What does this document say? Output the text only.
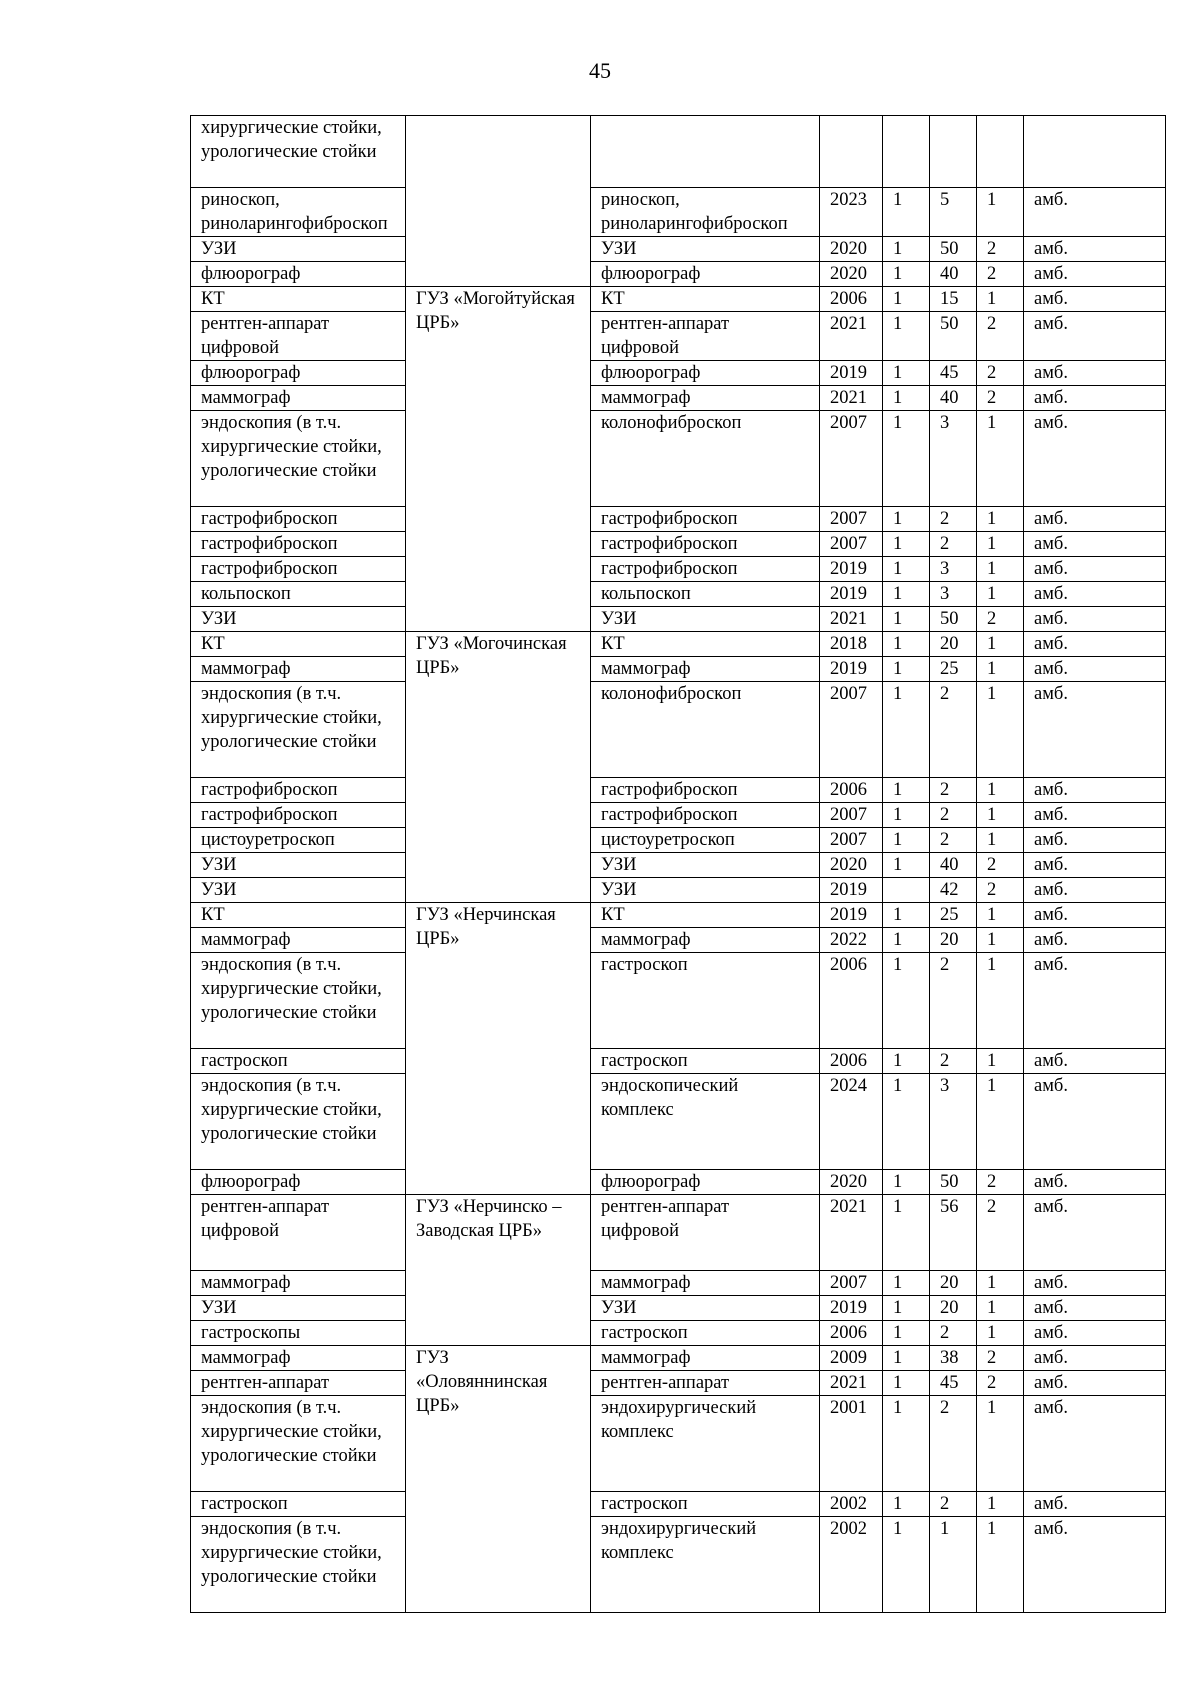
45
хирургические стойки, урологические стойки							
риноскоп, риноларингофиброскоп		риноскоп, риноларингофиброскоп	2023	1	5	1	амб.
УЗИ		УЗИ	2020	1	50	2	амб.
флюорограф		флюорограф	2020	1	40	2	амб.
КТ	ГУЗ «Могойтуйская ЦРБ»	КТ	2006	1	15	1	амб.
рентген-аппарат цифровой		рентген-аппарат цифровой	2021	1	50	2	амб.
флюорограф		флюорограф	2019	1	45	2	амб.
маммограф		маммограф	2021	1	40	2	амб.
эндоскопия (в т.ч. хирургические стойки, урологические стойки		колонофиброскоп	2007	1	3	1	амб.
гастрофиброскоп		гастрофиброскоп	2007	1	2	1	амб.
гастрофиброскоп		гастрофиброскоп	2007	1	2	1	амб.
гастрофиброскоп		гастрофиброскоп	2019	1	3	1	амб.
кольпоскоп		кольпоскоп	2019	1	3	1	амб.
УЗИ		УЗИ	2021	1	50	2	амб.
КТ	ГУЗ «Могочинская ЦРБ»	КТ	2018	1	20	1	амб.
маммограф		маммограф	2019	1	25	1	амб.
эндоскопия (в т.ч. хирургические стойки, урологические стойки		колонофиброскоп	2007	1	2	1	амб.
гастрофиброскоп		гастрофиброскоп	2006	1	2	1	амб.
гастрофиброскоп		гастрофиброскоп	2007	1	2	1	амб.
цистоуретроскоп		цистоуретроскоп	2007	1	2	1	амб.
УЗИ		УЗИ	2020	1	40	2	амб.
УЗИ		УЗИ	2019		42	2	амб.
КТ	ГУЗ «Нерчинская ЦРБ»	КТ	2019	1	25	1	амб.
маммограф		маммограф	2022	1	20	1	амб.
эндоскопия (в т.ч. хирургические стойки, урологические стойки		гастроскоп	2006	1	2	1	амб.
гастроскоп		гастроскоп	2006	1	2	1	амб.
эндоскопия (в т.ч. хирургические стойки, урологические стойки		эндоскопический комплекс	2024	1	3	1	амб.
флюорограф		флюорограф	2020	1	50	2	амб.
рентген-аппарат цифровой	ГУЗ «Нерчинско – Заводская ЦРБ»	рентген-аппарат цифровой	2021	1	56	2	амб.
маммограф		маммограф	2007	1	20	1	амб.
УЗИ		УЗИ	2019	1	20	1	амб.
гастроскопы		гастроскоп	2006	1	2	1	амб.
маммограф	ГУЗ «Оловяннинская ЦРБ»	маммограф	2009	1	38	2	амб.
рентген-аппарат		рентген-аппарат	2021	1	45	2	амб.
эндоскопия (в т.ч. хирургические стойки, урологические стойки		эндохирургический комплекс	2001	1	2	1	амб.
гастроскоп		гастроскоп	2002	1	2	1	амб.
эндоскопия (в т.ч. хирургические стойки, урологические стойки		эндохирургический комплекс	2002	1	1	1	амб.
